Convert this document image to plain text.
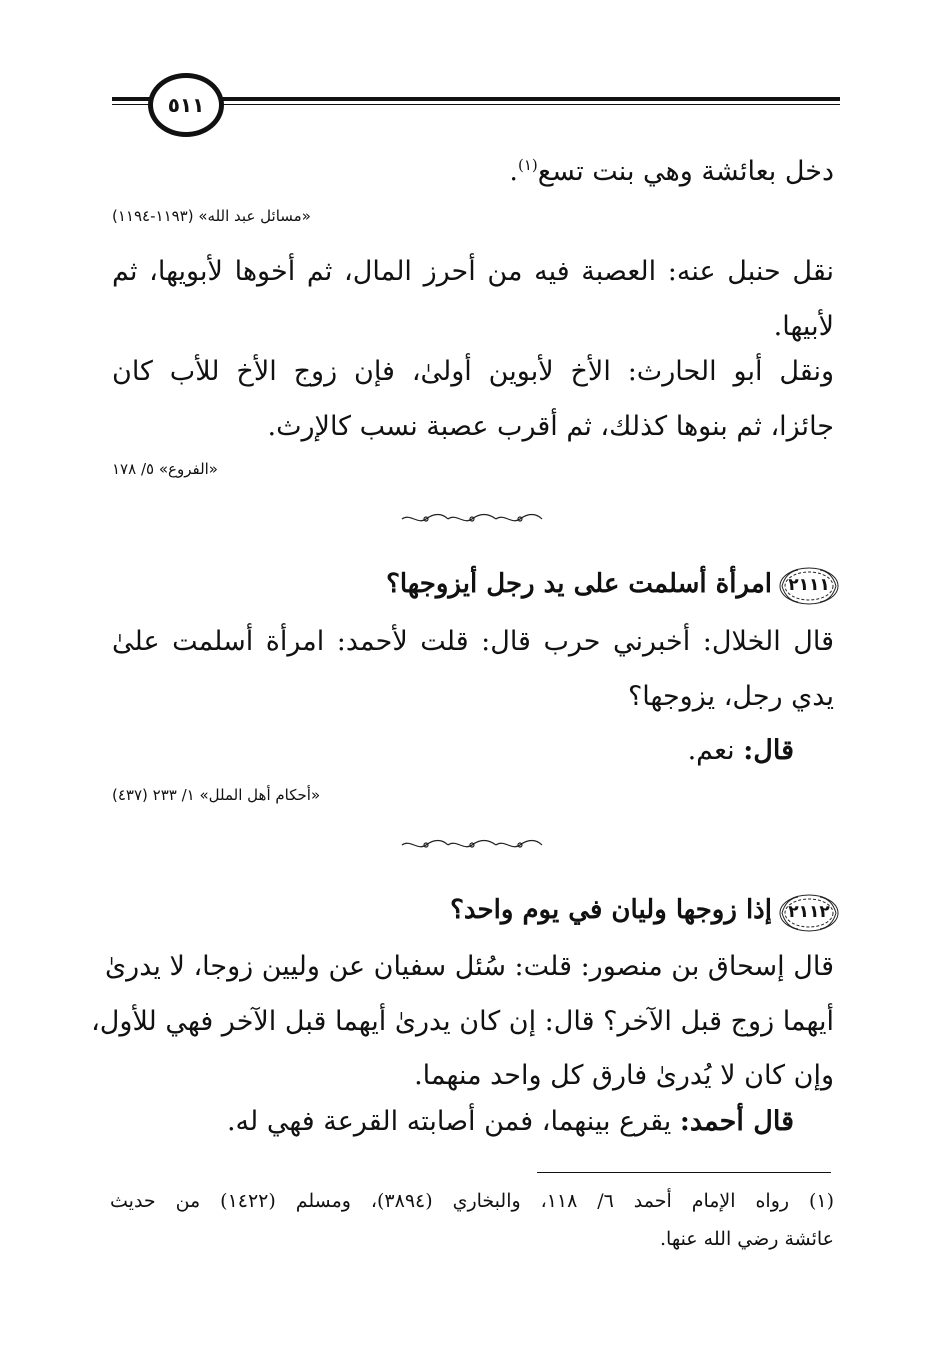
٥١١
دخل بعائشة وهي بنت تسع$^{(١)}$.
«مسائل عبد الله» (١١٩٣-١١٩٤)
نقل حنبل عنه: العصبة فيه من أحرز المال، ثم أخوها لأبويها، ثم
لأبيها.
ونقل أبو الحارث: الأخ لأبوين أولىٰ، فإن زوج الأخ للأب كان
جائزا، ثم بنوها كذلك، ثم أقرب عصبة نسب كالإرث.
«الفروع» ٥/ ١٧٨
٢١١١
امرأة أسلمت على يد رجل أيزوجها؟
قال الخلال: أخبرني حرب قال: قلت لأحمد: امرأة أسلمت علىٰ
يدي رجل، يزوجها؟
قال: نعم.
«أحكام أهل الملل» ١/ ٢٣٣ (٤٣٧)
٢١١٢
إذا زوجها وليان في يوم واحد؟
قال إسحاق بن منصور: قلت: سُئل سفيان عن وليين زوجا، لا يدرىٰ
أيهما زوج قبل الآخر؟ قال: إن كان يدرىٰ أيهما قبل الآخر فهي للأول،
وإن كان لا يُدرىٰ فارق كل واحد منهما.
قال أحمد: يقرع بينهما، فمن أصابته القرعة فهي له.
(١) رواه الإمام أحمد ٦/ ١١٨، والبخاري (٣٨٩٤)، ومسلم (١٤٢٢) من حديث
عائشة رضي الله عنها.
